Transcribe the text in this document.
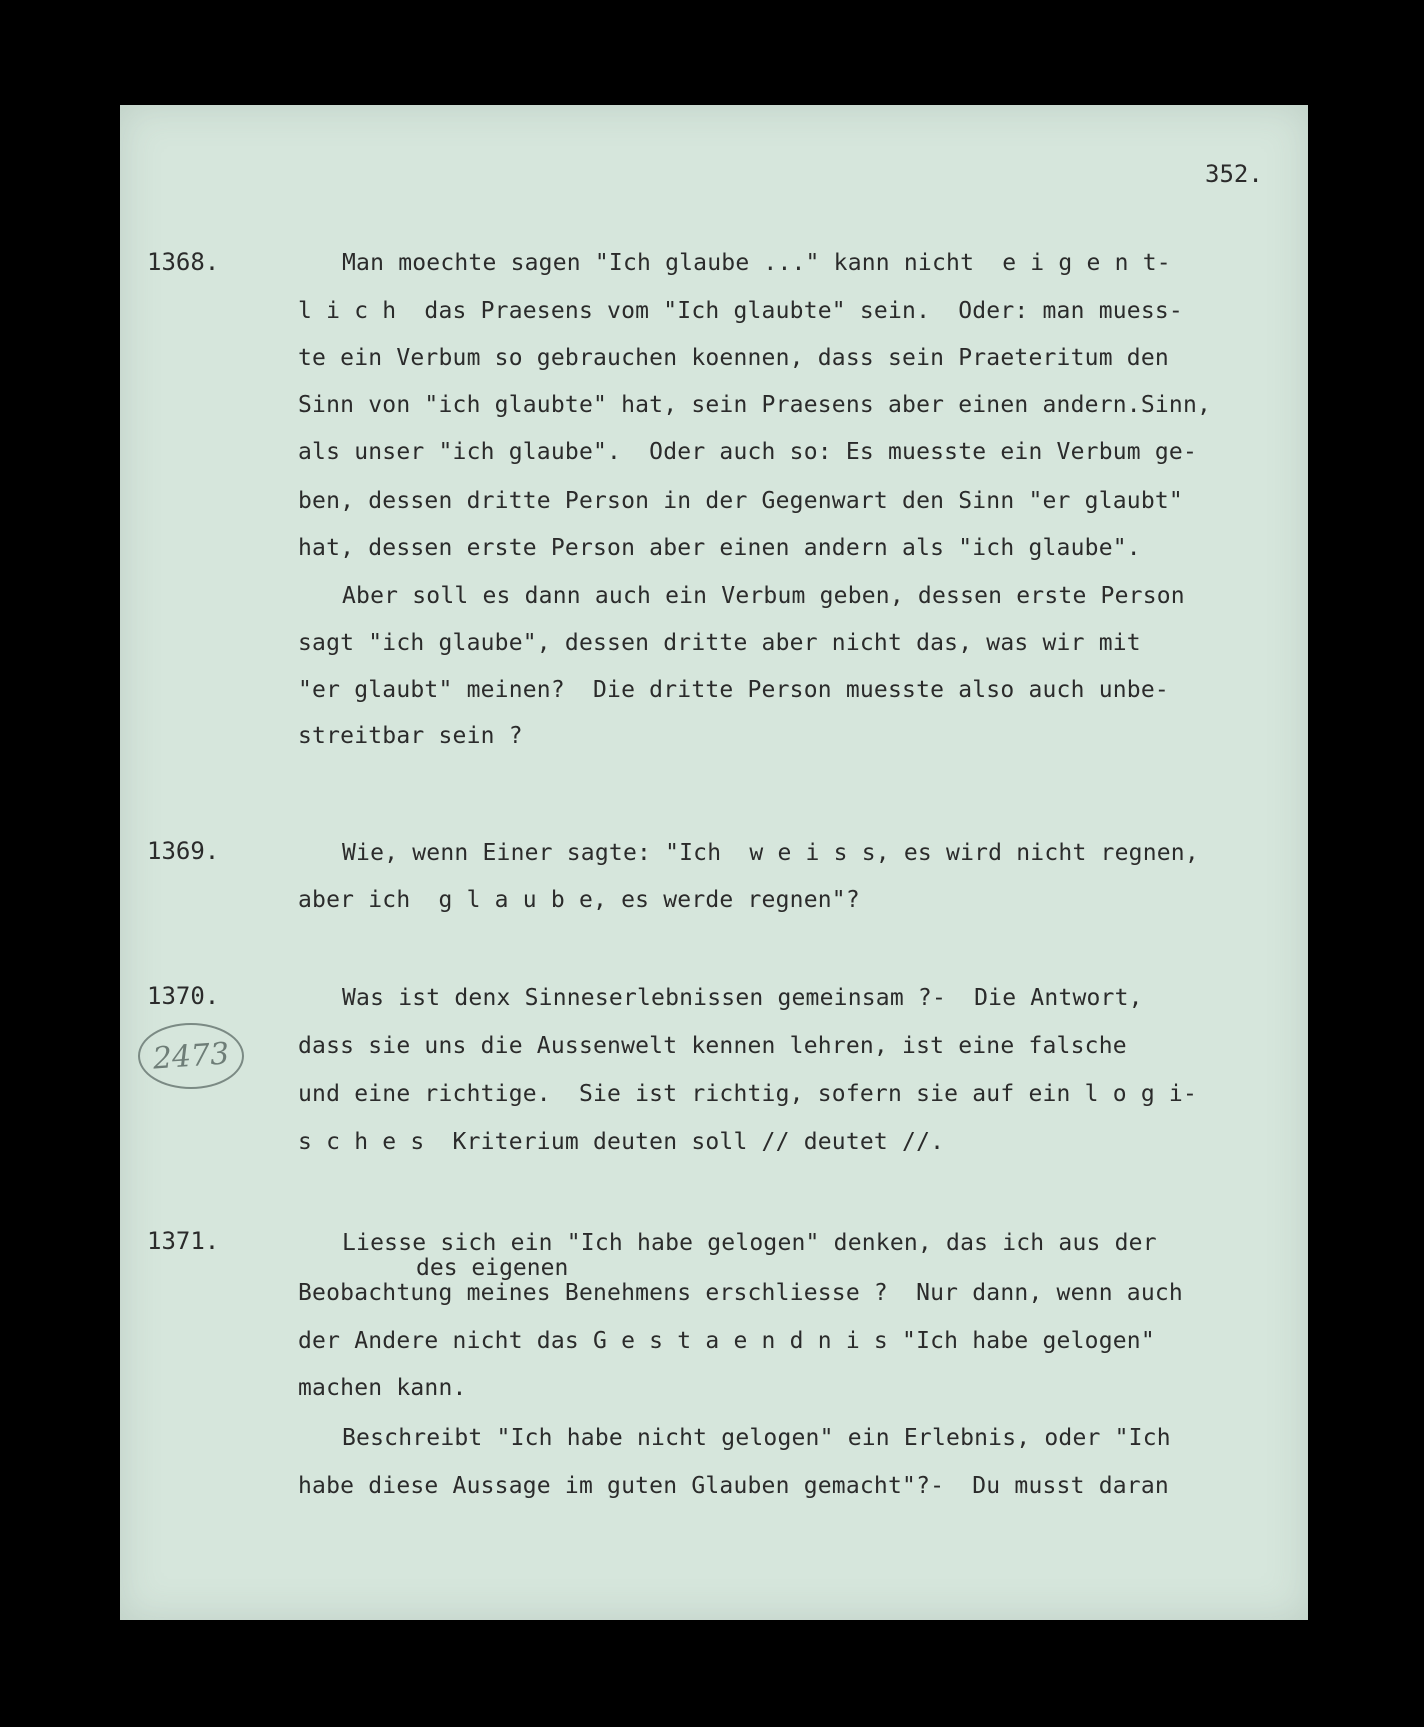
352.
1368.	Man moechte sagen "Ich glaube ..." kann nicht  e i g e n t-
l i c h  das Praesens vom "Ich glaubte" sein.  Oder: man muess-
te ein Verbum so gebrauchen koennen, dass sein Praeteritum den
Sinn von "ich glaubte" hat, sein Praesens aber einen andern.Sinn,
als unser "ich glaube".  Oder auch so: Es muesste ein Verbum ge-
ben, dessen dritte Person in der Gegenwart den Sinn "er glaubt"
hat, dessen erste Person aber einen andern als "ich glaube".
Aber soll es dann auch ein Verbum geben, dessen erste Person
sagt "ich glaube", dessen dritte aber nicht das, was wir mit
"er glaubt" meinen?  Die dritte Person muesste also auch unbe-
streitbar sein ?
1369.	Wie, wenn Einer sagte: "Ich  w e i s s, es wird nicht regnen,
aber ich  g l a u b e, es werde regnen"?
1370.
2473
Was ist denx Sinneserlebnissen gemeinsam ?-  Die Antwort,
dass sie uns die Aussenwelt kennen lehren, ist eine falsche
und eine richtige.  Sie ist richtig, sofern sie auf ein l o g i-
s c h e s  Kriterium deuten soll // deutet //.
1371.	Liesse sich ein "Ich habe gelogen" denken, das ich aus der
des eigenen
Beobachtung meines Benehmens erschliesse ?  Nur dann, wenn auch
der Andere nicht das G e s t a e n d n i s "Ich habe gelogen"
machen kann.
Beschreibt "Ich habe nicht gelogen" ein Erlebnis, oder "Ich
habe diese Aussage im guten Glauben gemacht"?-  Du musst daran
